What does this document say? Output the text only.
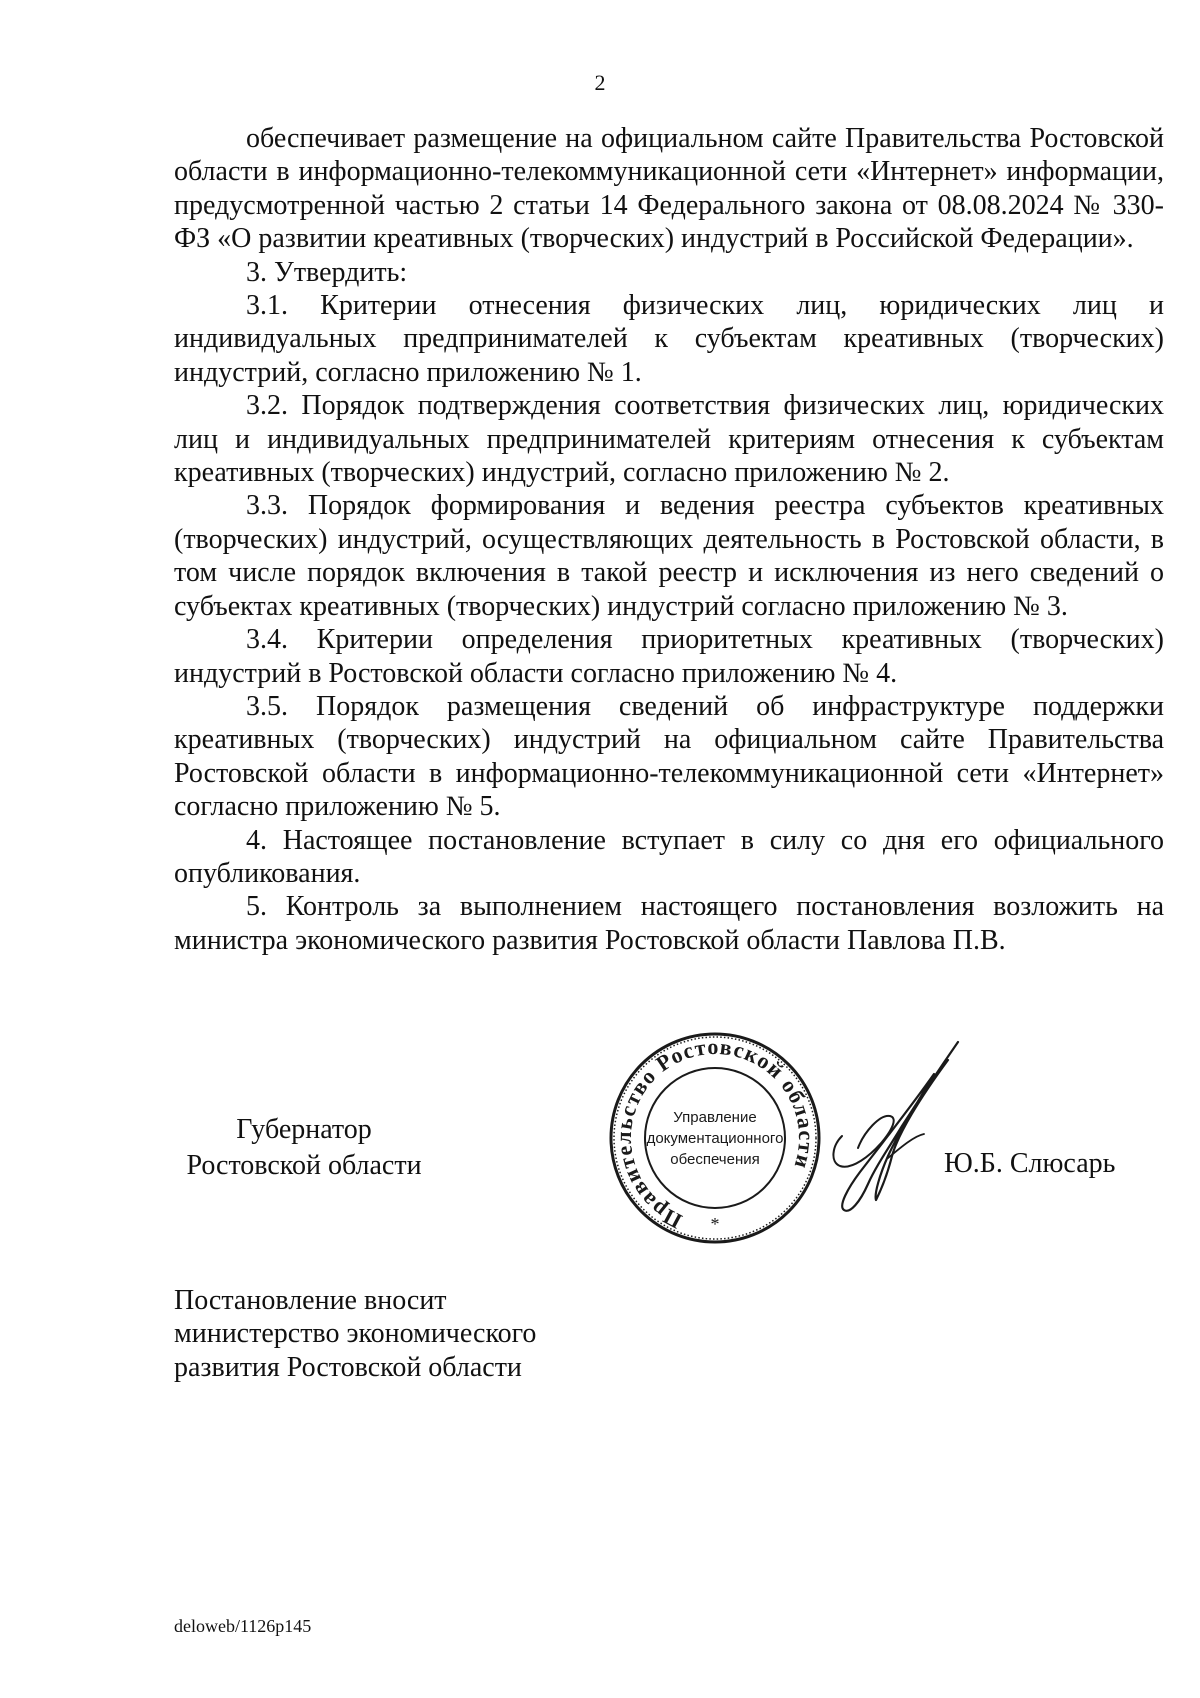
2

обеспечивает размещение на официальном сайте Правительства Ростовской области в информационно-телекоммуникационной сети «Интернет» информации, предусмотренной частью 2 статьи 14 Федерального закона от 08.08.2024 № 330-ФЗ «О развитии креативных (творческих) индустрий в Российской Федерации».

3. Утвердить:

3.1. Критерии отнесения физических лиц, юридических лиц и индивидуальных предпринимателей к субъектам креативных (творческих) индустрий, согласно приложению № 1.

3.2. Порядок подтверждения соответствия физических лиц, юридических лиц и индивидуальных предпринимателей критериям отнесения к субъектам креативных (творческих) индустрий, согласно приложению № 2.

3.3. Порядок формирования и ведения реестра субъектов креативных (творческих) индустрий, осуществляющих деятельность в Ростовской области, в том числе порядок включения в такой реестр и исключения из него сведений о субъектах креативных (творческих) индустрий согласно приложению № 3.

3.4. Критерии определения приоритетных креативных (творческих) индустрий в Ростовской области согласно приложению № 4.

3.5. Порядок размещения сведений об инфраструктуре поддержки креативных (творческих) индустрий на официальном сайте Правительства Ростовской области в информационно-телекоммуникационной сети «Интернет» согласно приложению № 5.

4. Настоящее постановление вступает в силу со дня его официального опубликования.

5. Контроль за выполнением настоящего постановления возложить на министра экономического развития Ростовской области Павлова П.В.

Губернатор
Ростовской области
Правительство Ростовской области
Управление
документационного
обеспечения
*
Ю.Б. Слюсарь
Постановление вносит
министерство экономического
развития Ростовской области
deloweb/1126p145
